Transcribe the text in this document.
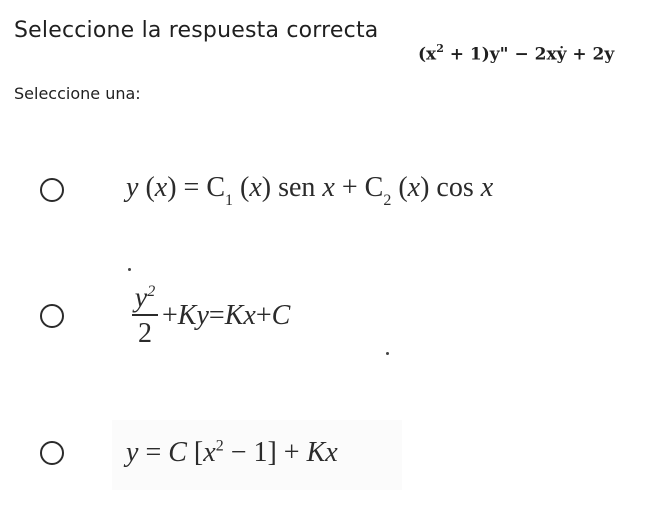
Seleccione la respuesta correcta
$(x^2 + 1)y$" − 2xẏ + 2y
Seleccione una:
y $(x) = C_1$ (x) sen $x + C_2$ (x) cos x
$\frac{y^2}{2} + Ky = Kx + C$
y = C $[x^2 - 1] + Kx$
